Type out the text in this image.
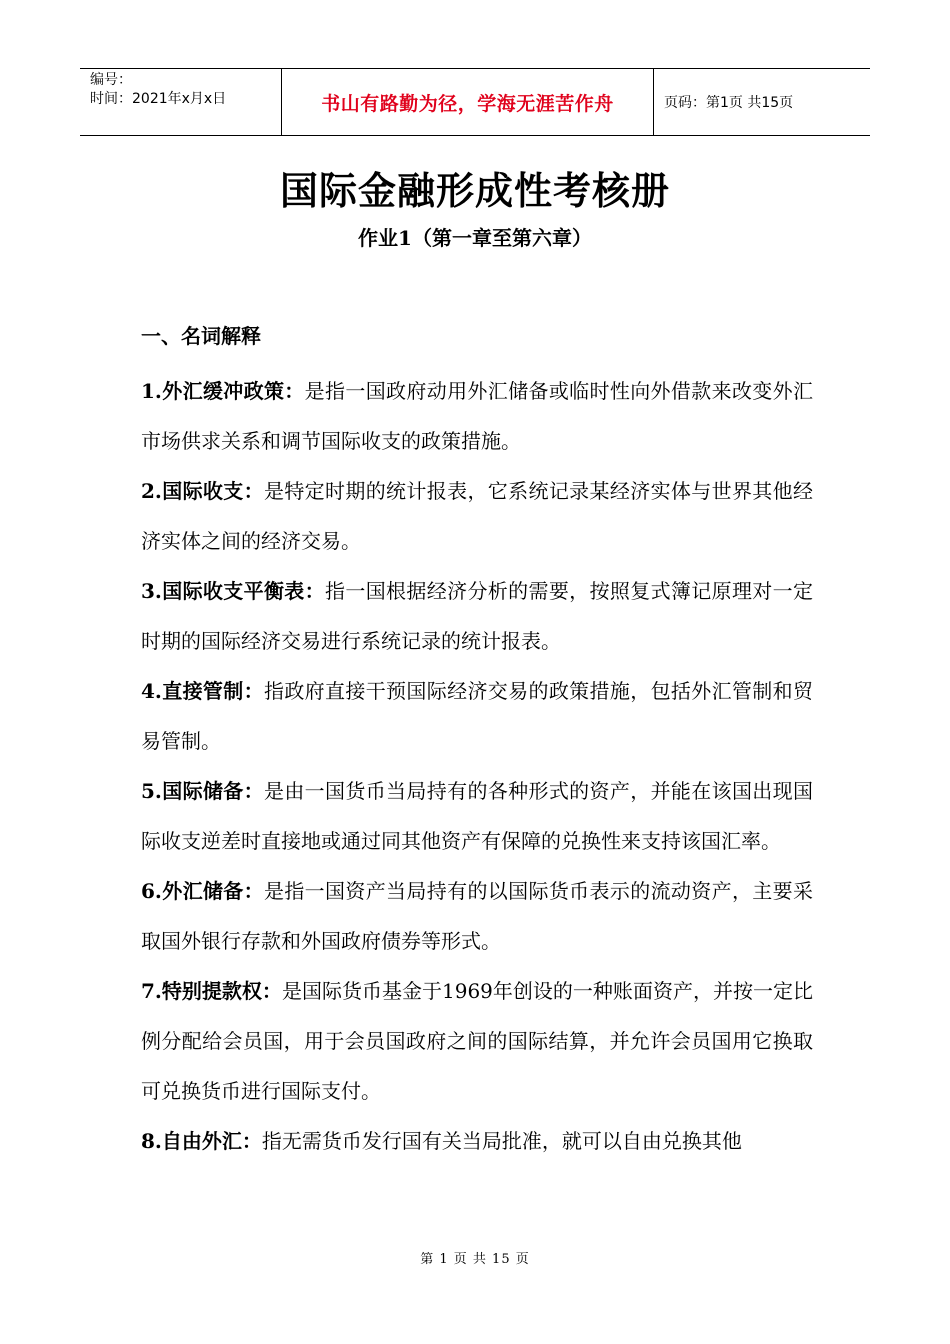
编号：
时间：2021年x月x日	书山有路勤为径，学海无涯苦作舟	页码：第1页 共15页
国际金融形成性考核册
作业1（第一章至第六章）
一、名词解释

1.外汇缓冲政策：是指一国政府动用外汇储备或临时性向外借款来改变外汇市场供求关系和调节国际收支的政策措施。

2.国际收支：是特定时期的统计报表，它系统记录某经济实体与世界其他经济实体之间的经济交易。

3.国际收支平衡表：指一国根据经济分析的需要，按照复式簿记原理对一定时期的国际经济交易进行系统记录的统计报表。

4.直接管制：指政府直接干预国际经济交易的政策措施，包括外汇管制和贸易管制。

5.国际储备：是由一国货币当局持有的各种形式的资产，并能在该国出现国际收支逆差时直接地或通过同其他资产有保障的兑换性来支持该国汇率。

6.外汇储备：是指一国资产当局持有的以国际货币表示的流动资产，主要采取国外银行存款和外国政府债券等形式。

7.特别提款权：是国际货币基金于1969年创设的一种账面资产，并按一定比例分配给会员国，用于会员国政府之间的国际结算，并允许会员国用它换取可兑换货币进行国际支付。

8.自由外汇：指无需货币发行国有关当局批准，就可以自由兑换其他

第 1 页 共 15 页
